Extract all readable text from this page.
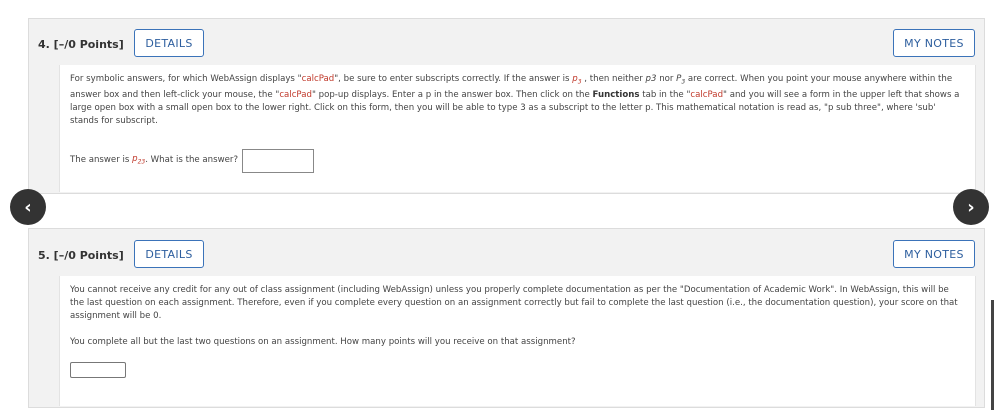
4. [–/0 Points]	DETAILS	MY NOTES
For symbolic answers, for which WebAssign displays "calcPad", be sure to enter subscripts correctly. If the answer is $p_3$ , then neither p3 nor $P_3$ are correct. When you point your mouse anywhere within the answer box and then left-click your mouse, the "calcPad" pop-up displays. Enter a p in the answer box. Then click on the Functions tab in the "calcPad" and you will see a form in the upper left that shows a large open box with a small open box to the lower right. Click on this form, then you will be able to type 3 as a subscript to the letter p. This mathematical notation is read as, "p sub three", where 'sub' stands for subscript.
The answer is
$p_{23}$ . What is the answer?
5. [–/0 Points]	DETAILS	MY NOTES
You cannot receive any credit for any out of class assignment (including WebAssign) unless you properly complete documentation as per the "Documentation of Academic Work". In WebAssign, this will be the last question on each assignment. Therefore, even if you complete every question on an assignment correctly but fail to complete the last question (i.e., the documentation question), your score on that assignment will be 0.
You complete all but the last two questions on an assignment. How many points will you receive on that assignment?
‹	›
